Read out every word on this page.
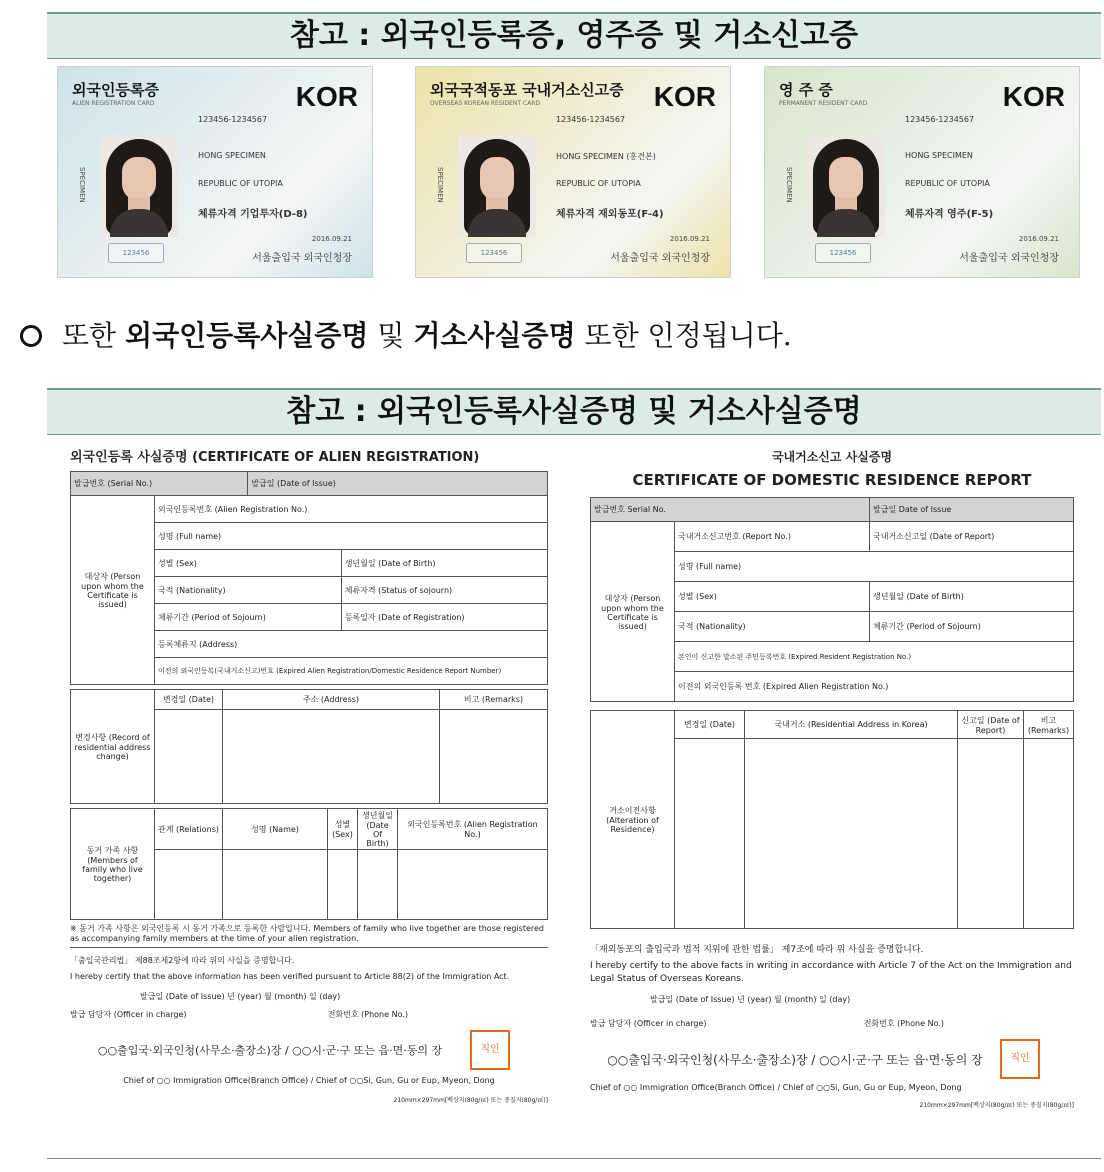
참고 : 외국인등록증, 영주증 및 거소신고증
외국인등록증
ALIEN REGISTRATION CARD	KOR
SPECIMEN
123456-1234567
HONG SPECIMEN
REPUBLIC OF UTOPIA
체류자격 기업투자(D-8)
2016.09.21
서울출입국 외국인청장
123456
외국국적동포 국내거소신고증
OVERSEAS KOREAN RESIDENT CARD	KOR
SPECIMEN
123456-1234567
HONG SPECIMEN (홍견본)
REPUBLIC OF UTOPIA
체류자격 재외동포(F-4)
2016.09.21
서울출입국 외국인청장
123456
영 주 증
PERMANENT RESIDENT CARD	KOR
SPECIMEN
123456-1234567
HONG SPECIMEN
REPUBLIC OF UTOPIA
체류자격 영주(F-5)
2016.09.21
서울출입국 외국인청장
123456
또한 외국인등록사실증명 및 거소사실증명 또한 인정됩니다.
참고 : 외국인등록사실증명 및 거소사실증명
외국인등록 사실증명 (CERTIFICATE OF ALIEN REGISTRATION)
발급번호 (Serial No.)		발급일 (Date of Issue)	
대상자 (Person upon whom the Certificate is issued)	외국인등록번호 (Alien Registration No.)		
	성명 (Full name)		
	성별 (Sex)		생년월일 (Date of Birth)
	국적 (Nationality)		체류자격 (Status of sojourn)
	체류기간 (Period of Sojourn)		등록일자 (Date of Registration)
	등록체류지 (Address)		
	이전의 외국인등록(국내거소신고)번호 (Expired Alien Registration/Domestic Residence Report Number)		
변경사항 (Record of residential address change)	변경일 (Date)	주소 (Address)	비고 (Remarks)

동거 가족 사항 (Members of family who live together)	관계 (Relations)	성명 (Name)	성별 (Sex)	생년월일 (Date Of Birth)	외국인등록번호 (Alien Registration No.)

※ 동거 가족 사항은 외국인등록 시 동거 가족으로 등록한 사람입니다. Members of family who live together are those registered as accompanying family members at the time of your alien registration.
「출입국관리법」 제88조제2항에 따라 위의 사실을 증명합니다.
I hereby certify that the above information has been verified pursuant to Article 88(2) of the Immigration Act.
발급일 (Date of Issue) 년 (year) 월 (month) 일 (day)
발급 담당자 (Officer in charge)	전화번호 (Phone No.)
○○출입국·외국인청(사무소·출장소)장 / ○○시·군·구 또는 읍·면·동의 장	직인
Chief of ○○ Immigration Office(Branch Office) / Chief of ○○Si, Gun, Gu or Eup, Myeon, Dong
210mm×297mm[백상지(80g/㎡) 또는 중질지(80g/㎡)]
국내거소신고 사실증명
CERTIFICATE OF DOMESTIC RESIDENCE REPORT
발급번호 Serial No.		발급일 Date of Issue
대상자 (Person upon whom the Certificate is issued)	국내거소신고번호 (Report No.)	국내거소신고일 (Date of Report)
	성명 (Full name)	
	성별 (Sex)	생년월일 (Date of Birth)
	국적 (Nationality)	체류기간 (Period of Sojourn)
	본인이 신고한 말소된 주민등록번호 (Expired Resident Registration No.)	
	이전의 외국인등록 번호 (Expired Alien Registration No.)	
거소이전사항 (Alteration of Residence)	변경일 (Date)	국내거소 (Residential Address in Korea)	신고일 (Date of Report)	비고 (Remarks)

「재외동포의 출입국과 법적 지위에 관한 법률」 제7조에 따라 위 사실을 증명합니다.
I hereby certify to the above facts in writing in accordance with Article 7 of the Act on the Immigration and Legal Status of Overseas Koreans.
발급일 (Date of Issue) 년 (year) 월 (month) 일 (day)
발급 담당자 (Officer in charge)	전화번호 (Phone No.)
○○출입국·외국인청(사무소·출장소)장 / ○○시·군·구 또는 읍·면·동의 장	직인
Chief of ○○ Immigration Office(Branch Office) / Chief of ○○Si, Gun, Gu or Eup, Myeon, Dong
210mm×297mm[백상지(80g/㎡) 또는 중질지(80g/㎡)]
